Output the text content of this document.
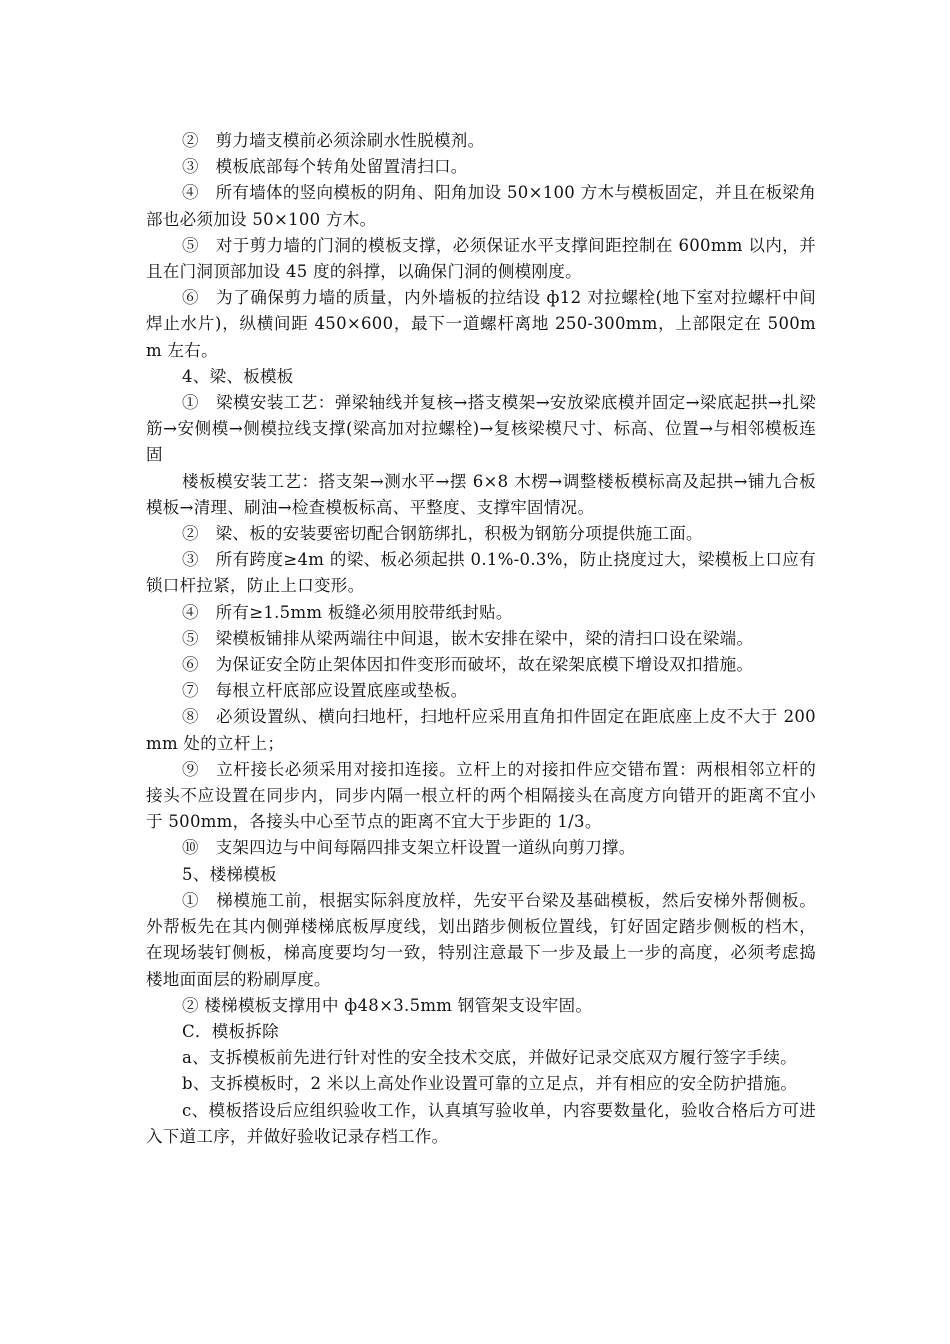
②　剪力墙支模前必须涂刷水性脱模剂。

③　模板底部每个转角处留置清扫口。

④　所有墙体的竖向模板的阴角、阳角加设 50×100 方木与模板固定，并且在板梁角部也必须加设 50×100 方木。

⑤　对于剪力墙的门洞的模板支撑，必须保证水平支撑间距控制在 600mm 以内，并且在门洞顶部加设 45 度的斜撑，以确保门洞的侧模刚度。

⑥　为了确保剪力墙的质量，内外墙板的拉结设 ф12 对拉螺栓(地下室对拉螺杆中间焊止水片)，纵横间距 450×600，最下一道螺杆离地 250-300mm，上部限定在 500mm 左右。

4、梁、板模板

①　梁模安装工艺：弹梁轴线并复核→搭支模架→安放梁底模并固定→梁底起拱→扎梁筋→安侧模→侧模拉线支撑(梁高加对拉螺栓)→复核梁模尺寸、标高、位置→与相邻模板连固

楼板模安装工艺：搭支架→测水平→摆 6×8 木楞→调整楼板模标高及起拱→铺九合板模板→清理、刷油→检查模板标高、平整度、支撑牢固情况。

②　梁、板的安装要密切配合钢筋绑扎，积极为钢筋分项提供施工面。

③　所有跨度≥4m 的梁、板必须起拱 0.1%-0.3%，防止挠度过大，梁模板上口应有锁口杆拉紧，防止上口变形。

④　所有≥1.5mm 板缝必须用胶带纸封贴。

⑤　梁模板铺排从梁两端往中间退，嵌木安排在梁中，梁的清扫口设在梁端。

⑥　为保证安全防止架体因扣件变形而破坏，故在梁架底模下增设双扣措施。

⑦　每根立杆底部应设置底座或垫板。

⑧　必须设置纵、横向扫地杆，扫地杆应采用直角扣件固定在距底座上皮不大于 200mm 处的立杆上；

⑨　立杆接长必须采用对接扣连接。立杆上的对接扣件应交错布置：两根相邻立杆的接头不应设置在同步内，同步内隔一根立杆的两个相隔接头在高度方向错开的距离不宜小于 500mm，各接头中心至节点的距离不宜大于步距的 1/3。

⑩　支架四边与中间每隔四排支架立杆设置一道纵向剪刀撑。

5、楼梯模板

①　梯模施工前，根据实际斜度放样，先安平台梁及基础模板，然后安梯外帮侧板。外帮板先在其内侧弹楼梯底板厚度线，划出踏步侧板位置线，钉好固定踏步侧板的档木，在现场装钉侧板，梯高度要均匀一致，特别注意最下一步及最上一步的高度，必须考虑捣楼地面面层的粉刷厚度。

② 楼梯模板支撑用中 ф48×3.5mm 钢管架支设牢固。

C．模板拆除

a、支拆模板前先进行针对性的安全技术交底，并做好记录交底双方履行签字手续。

b、支拆模板时，2 米以上高处作业设置可靠的立足点，并有相应的安全防护措施。

c、模板搭设后应组织验收工作，认真填写验收单，内容要数量化，验收合格后方可进入下道工序，并做好验收记录存档工作。
